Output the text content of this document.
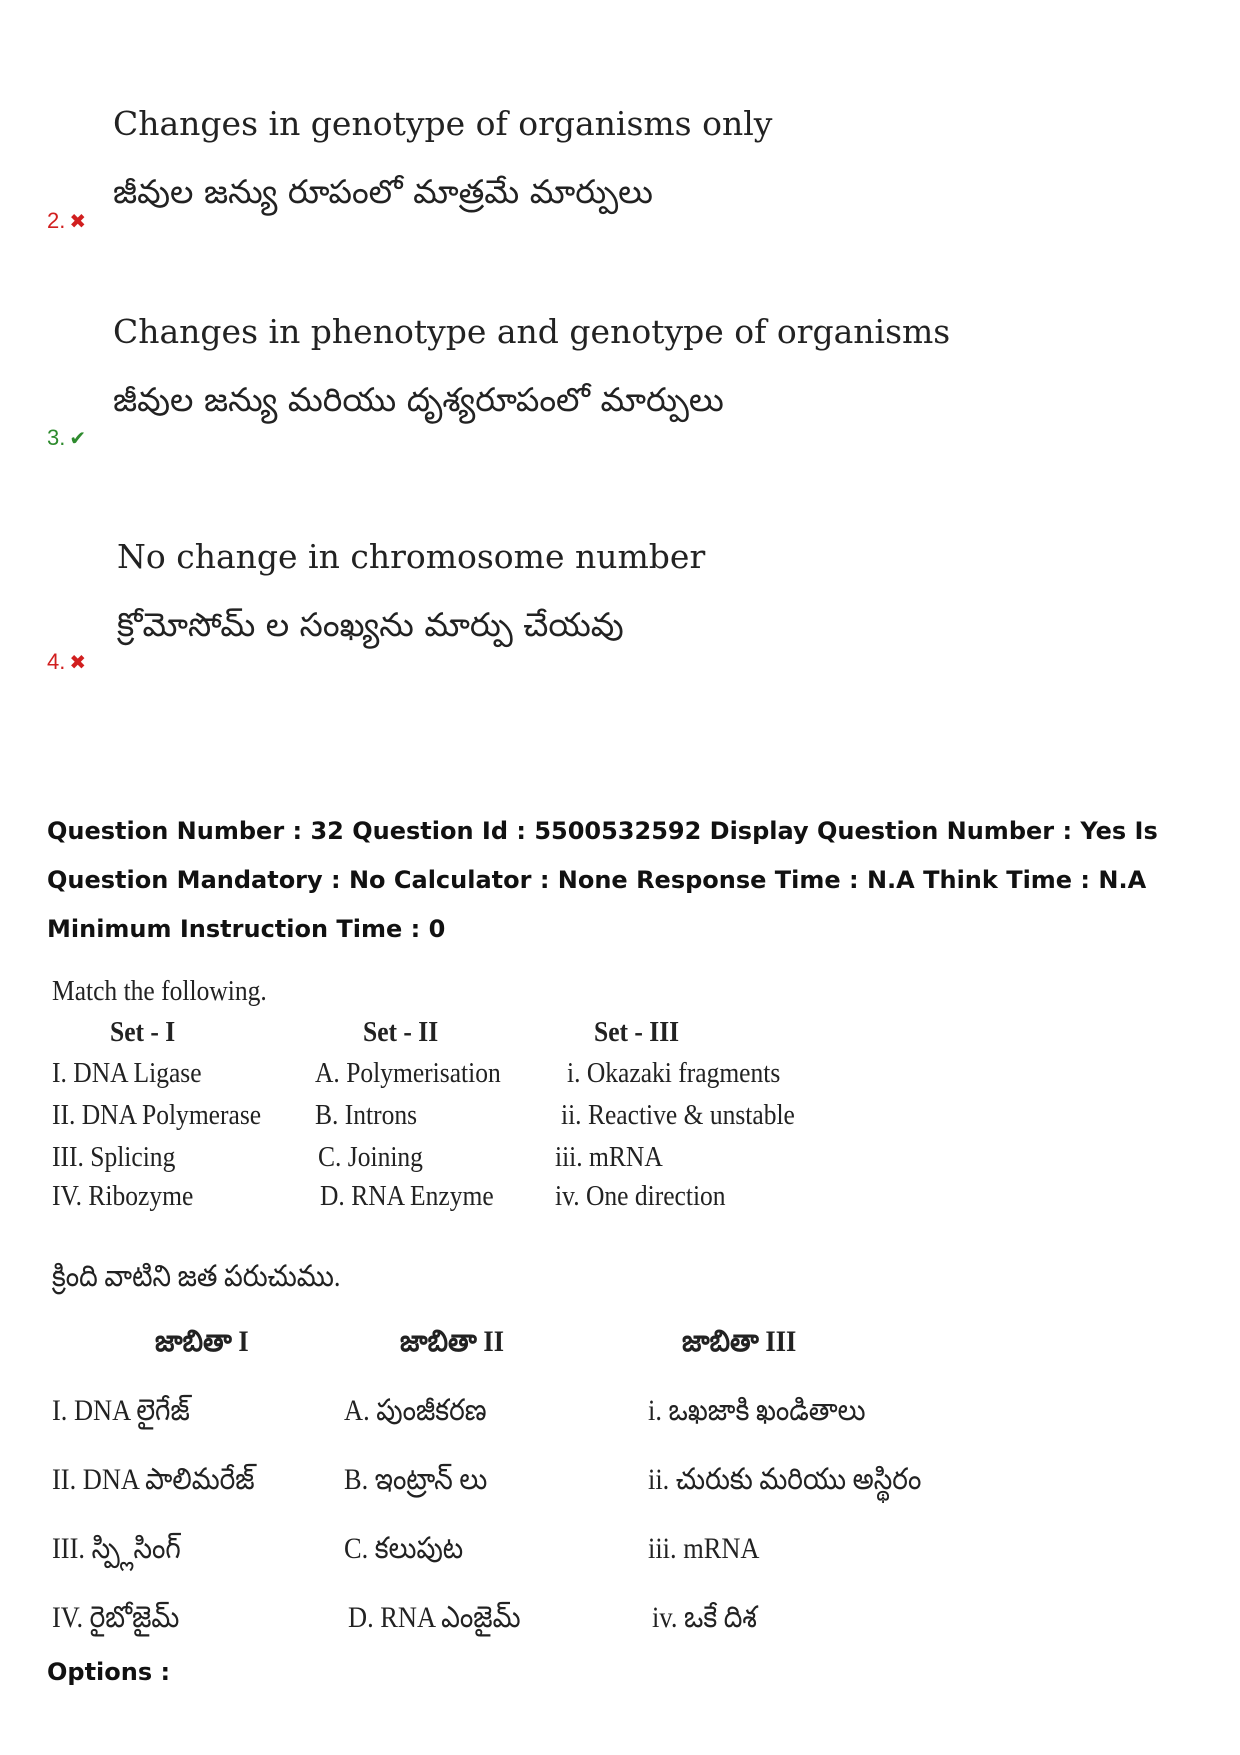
Changes in genotype of organisms only
జీవుల జన్యు రూపంలో మాత్రమే మార్పులు
2. ✖
Changes in phenotype and genotype of organisms
జీవుల జన్యు మరియు దృశ్యరూపంలో మార్పులు
3. ✔
No change in chromosome number
క్రోమోసోమ్ ల సంఖ్యను మార్పు చేయవు
4. ✖
Question Number : 32 Question Id : 5500532592 Display Question Number : Yes Is Question Mandatory : No Calculator : None Response Time : N.A Think Time : N.A Minimum Instruction Time : 0
Match the following.
Set - I	Set - II	Set - III
I. DNA Ligase	A. Polymerisation i. Okazaki fragments
II. DNA Polymerase B. Introns	ii. Reactive & unstable
III. Splicing	C. Joining	iii. mRNA
IV. Ribozyme	D. RNA Enzyme iv. One direction
క్రింది వాటిని జత పరుచుము.
జాబితా I	జాబితా II	జాబితా III
I. DNA లైగేజ్	A. పుంజీకరణ	i. ఒఖజాకి ఖండితాలు
II. DNA పాలిమరేజ్	B. ఇంట్రాన్ లు	ii. చురుకు మరియు అస్థిరం
III. స్ప్లిసింగ్	C. కలుపుట	iii. mRNA
IV. రైబోజైమ్	D. RNA ఎంజైమ్	iv. ఒకే దిశ
Options :
